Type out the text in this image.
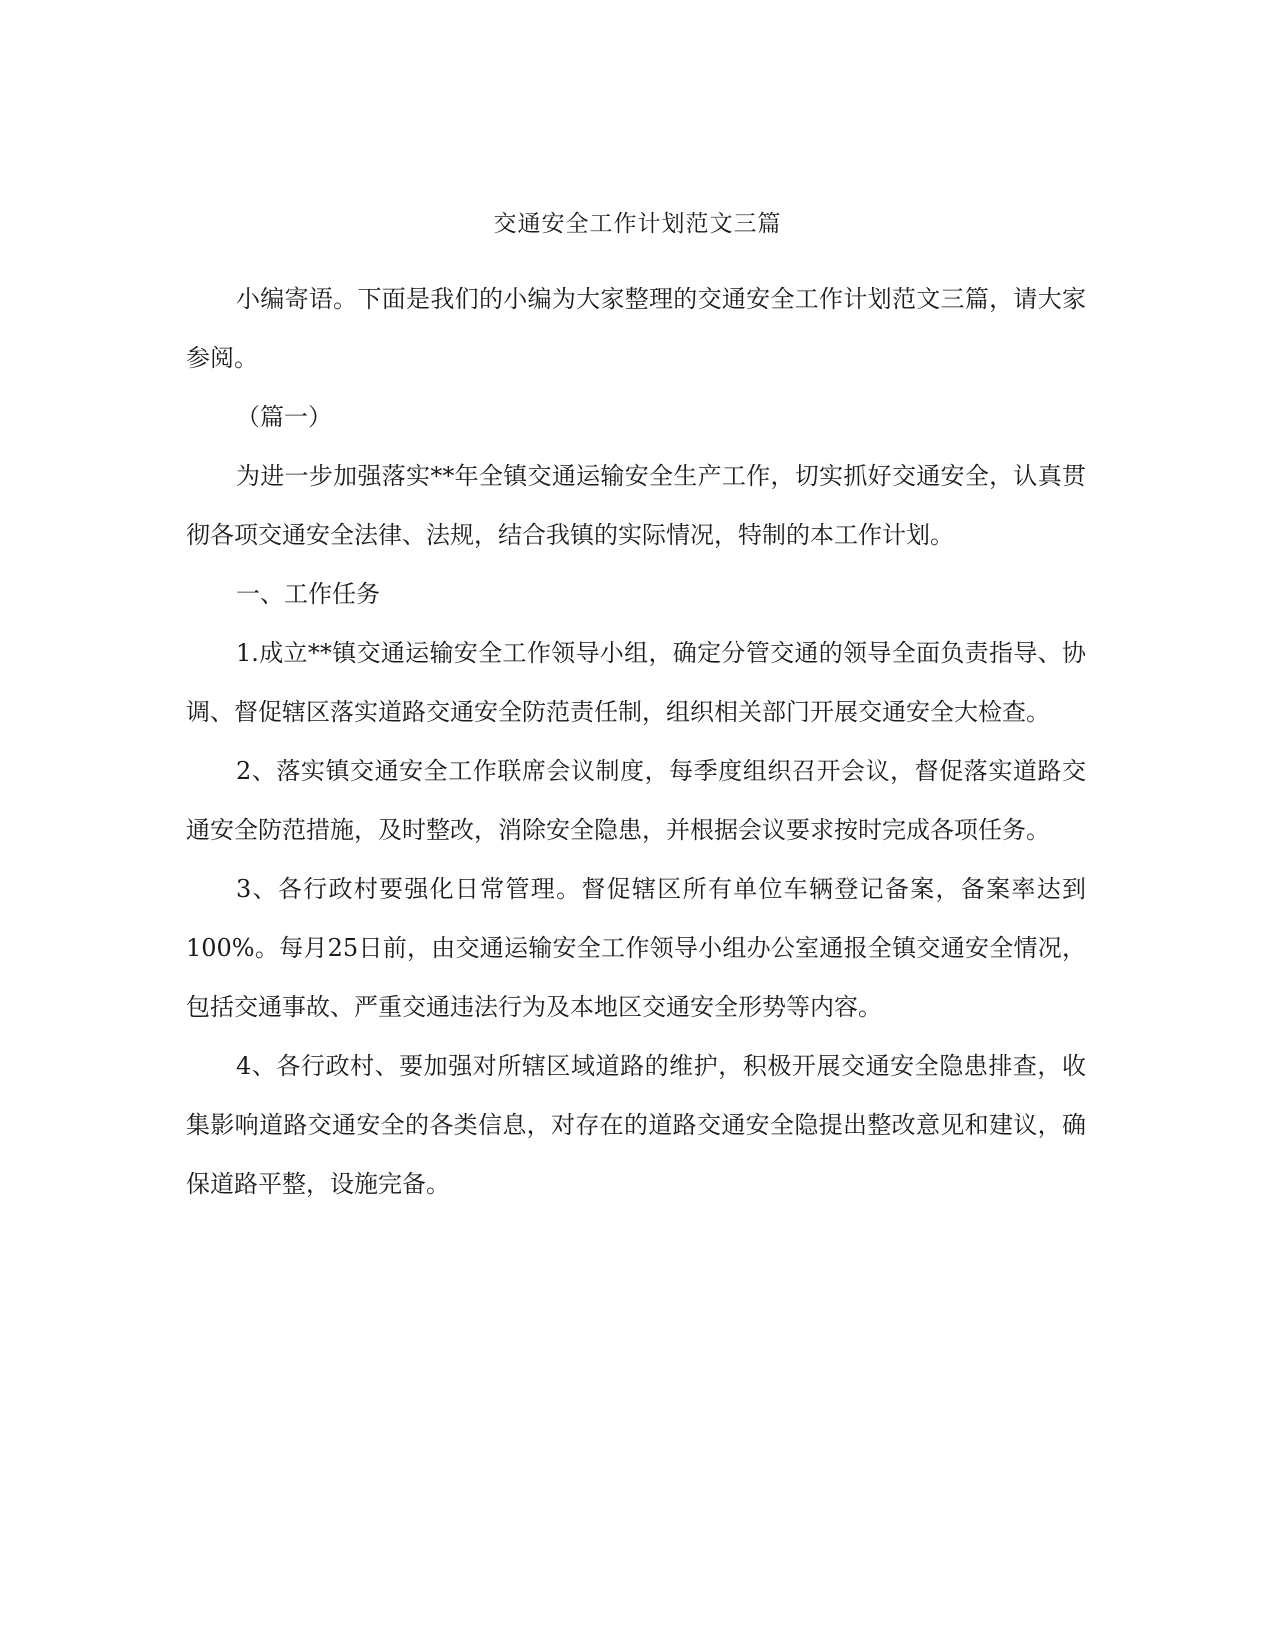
交通安全工作计划范文三篇

小编寄语。下面是我们的小编为大家整理的交通安全工作计划范文三篇，请大家参阅。

（篇一）

为进一步加强落实**年全镇交通运输安全生产工作，切实抓好交通安全，认真贯彻各项交通安全法律、法规，结合我镇的实际情况，特制的本工作计划。

一、工作任务

1.成立**镇交通运输安全工作领导小组，确定分管交通的领导全面负责指导、协调、督促辖区落实道路交通安全防范责任制，组织相关部门开展交通安全大检查。

2、落实镇交通安全工作联席会议制度，每季度组织召开会议，督促落实道路交通安全防范措施，及时整改，消除安全隐患，并根据会议要求按时完成各项任务。

3、各行政村要强化日常管理。督促辖区所有单位车辆登记备案，备案率达到100%。每月25日前，由交通运输安全工作领导小组办公室通报全镇交通安全情况，包括交通事故、严重交通违法行为及本地区交通安全形势等内容。

4、各行政村、要加强对所辖区域道路的维护，积极开展交通安全隐患排查，收集影响道路交通安全的各类信息，对存在的道路交通安全隐提出整改意见和建议，确保道路平整，设施完备。
